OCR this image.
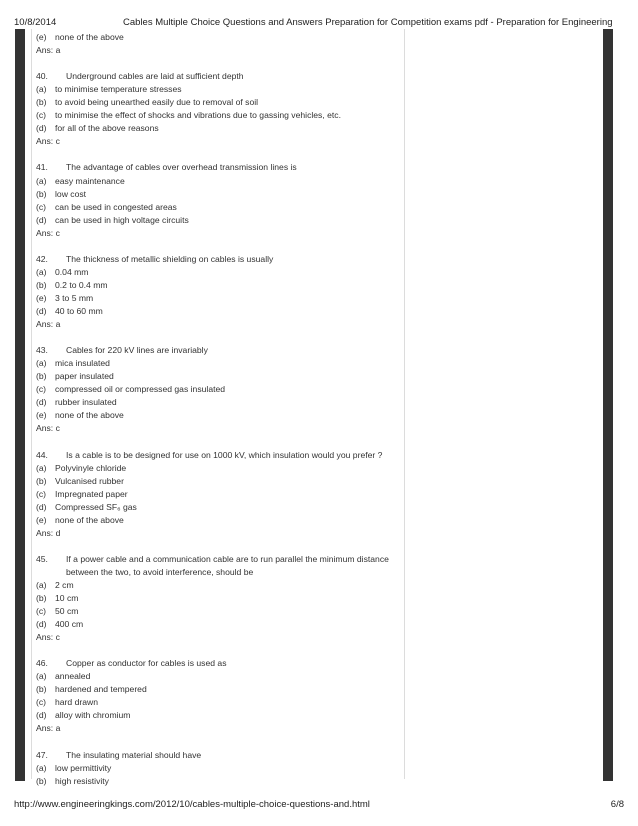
10/8/2014	Cables Multiple Choice Questions and Answers Preparation for Competition exams pdf - Preparation for Engineering
(e) none of the above
Ans: a
40.	Underground cables are laid at sufficient depth
(a) to minimise temperature stresses
(b) to avoid being unearthed easily due to removal of soil
(c)	to minimise the effect of shocks and vibrations due to gassing vehicles, etc.
(d) for all of the above reasons
Ans: c
41.	The advantage of cables over overhead transmission lines is
(a) easy maintenance
(b) low cost
(c)	can be used in congested areas
(d) can be used in high voltage circuits
Ans: c
42.	The thickness of metallic shielding on cables is usually
(a) 0.04 mm
(b) 0.2 to 0.4 mm
(e) 3 to 5 mm
(d) 40 to 60 mm
Ans: a
43.	Cables for 220 kV lines are invariably
(a) mica insulated
(b) paper insulated
(c)	compressed oil or compressed gas insulated
(d) rubber insulated
(e) none of the above
Ans: c
44.	Is a cable is to be designed for use on 1000 kV, which insulation would you prefer ?
(a) Polyvinyle chloride
(b) Vulcanised rubber
(c)	Impregnated paper
(d) Compressed SF₆ gas
(e) none of the above
Ans: d
45.	If a power cable and a communication cable are to run parallel the minimum distance
between the two, to avoid interference, should be
(a) 2 cm
(b) 10 cm
(c)	50 cm
(d) 400 cm
Ans: c
46.	Copper as conductor for cables is used as
(a) annealed
(b) hardened and tempered
(c)	hard drawn
(d) alloy with chromium
Ans: a
47.	The insulating material should have
(a) low permittivity
(b) high resistivity
http://www.engineeringkings.com/2012/10/cables-multiple-choice-questions-and.html	6/8
